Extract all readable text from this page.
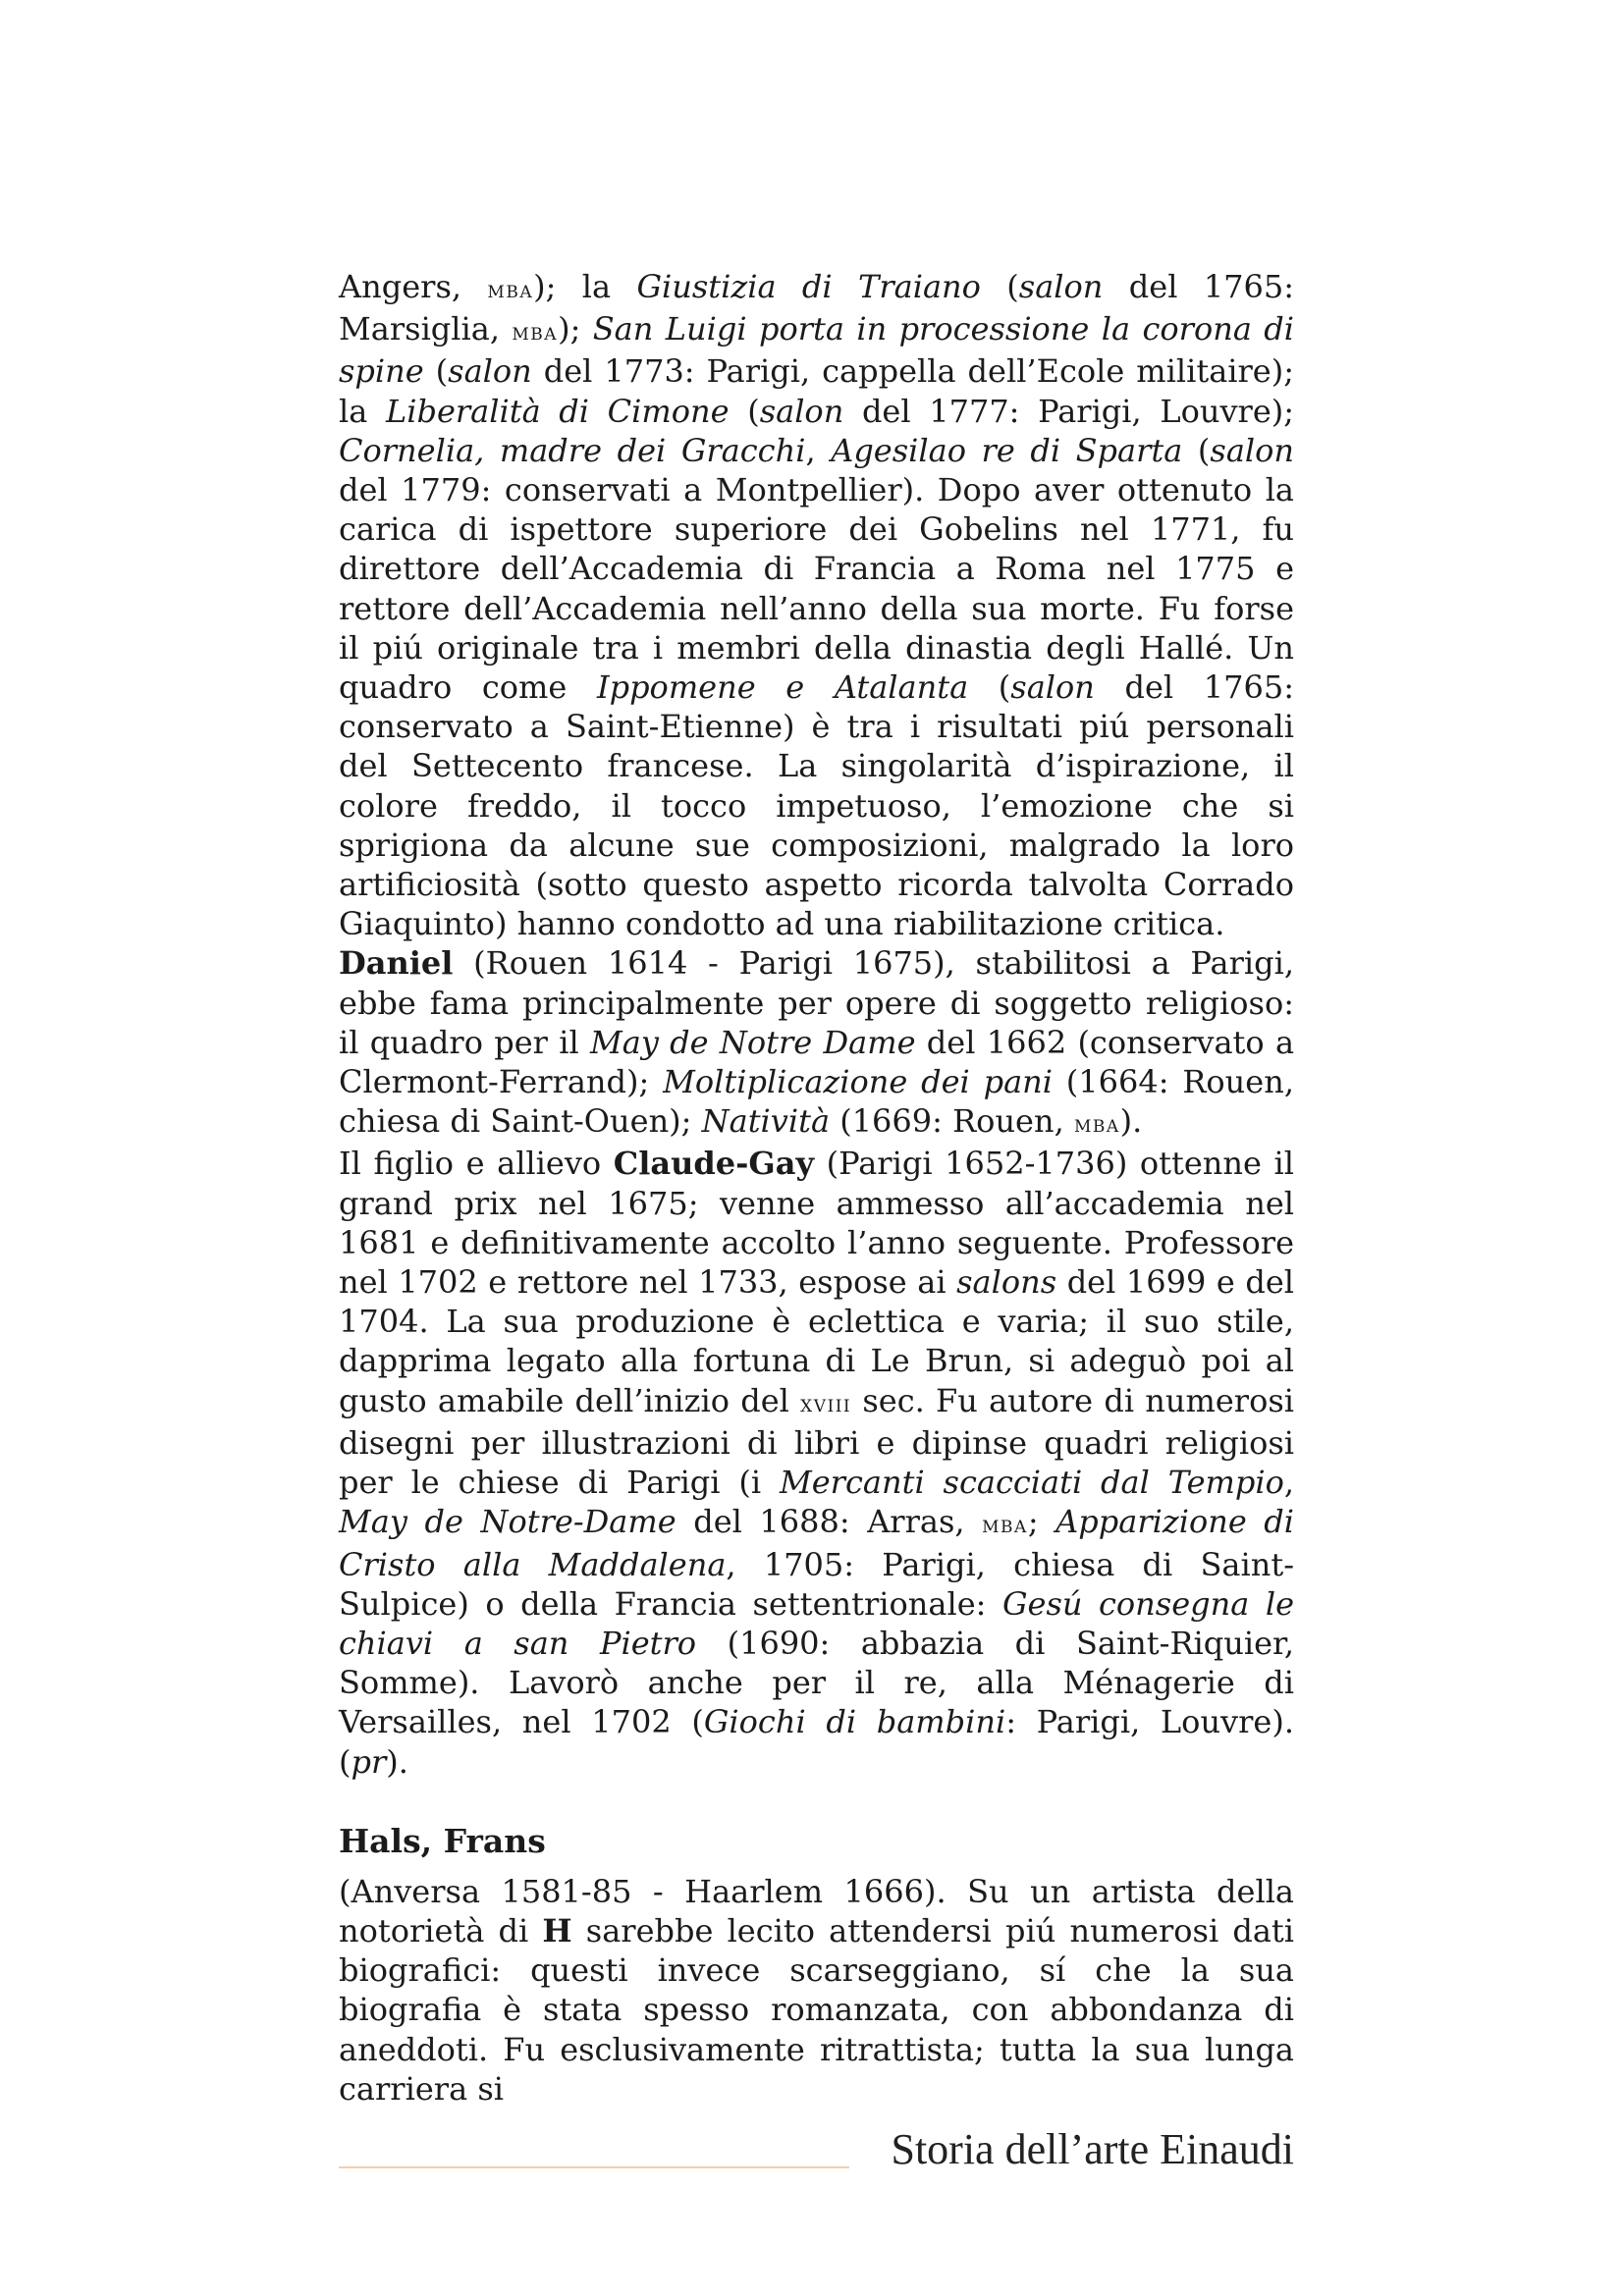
Angers, mba); la Giustizia di Traiano (salon del 1765: Marsiglia, mba); San Luigi porta in processione la corona di spine (salon del 1773: Parigi, cappella dell’Ecole militaire); la Liberalità di Cimone (salon del 1777: Parigi, Louvre); Cornelia, madre dei Gracchi, Agesilao re di Sparta (salon del 1779: conservati a Montpellier). Dopo aver ottenuto la carica di ispettore superiore dei Gobelins nel 1771, fu direttore dell’Accademia di Francia a Roma nel 1775 e rettore dell’Accademia nell’anno della sua morte. Fu forse il piú originale tra i membri della dinastia degli Hallé. Un quadro come Ippomene e Atalanta (salon del 1765: conservato a Saint-Etienne) è tra i risultati piú personali del Settecento francese. La singolarità d’ispirazione, il colore freddo, il tocco impetuoso, l’emozione che si sprigiona da alcune sue composizioni, malgrado la loro artificiosità (sotto questo aspetto ricorda talvolta Corrado Giaquinto) hanno condotto ad una riabilitazione critica.

Daniel (Rouen 1614 - Parigi 1675), stabilitosi a Parigi, ebbe fama principalmente per opere di soggetto religioso: il quadro per il May de Notre Dame del 1662 (conservato a Clermont-Ferrand); Moltiplicazione dei pani (1664: Rouen, chiesa di Saint-Ouen); Natività (1669: Rouen, mba).

Il figlio e allievo Claude-Gay (Parigi 1652-1736) ottenne il grand prix nel 1675; venne ammesso all’accademia nel 1681 e definitivamente accolto l’anno seguente. Professore nel 1702 e rettore nel 1733, espose ai salons del 1699 e del 1704. La sua produzione è eclettica e varia; il suo stile, dapprima legato alla fortuna di Le Brun, si adeguò poi al gusto amabile dell’inizio del xviii sec. Fu autore di numerosi disegni per illustrazioni di libri e dipinse quadri religiosi per le chiese di Parigi (i Mercanti scacciati dal Tempio, May de Notre-Dame del 1688: Arras, mba; Apparizione di Cristo alla Maddalena, 1705: Parigi, chiesa di Saint-Sulpice) o della Francia settentrionale: Gesú consegna le chiavi a san Pietro (1690: abbazia di Saint-Riquier, Somme). Lavorò anche per il re, alla Ménagerie di Versailles, nel 1702 (Giochi di bambini: Parigi, Louvre). (pr).

Hals, Frans

(Anversa 1581-85 - Haarlem 1666). Su un artista della notorietà di H sarebbe lecito attendersi piú numerosi dati biografici: questi invece scarseggiano, sí che la sua biografia è stata spesso romanzata, con abbondanza di aneddoti. Fu esclusivamente ritrattista; tutta la sua lunga carriera si

Storia dell’arte Einaudi
